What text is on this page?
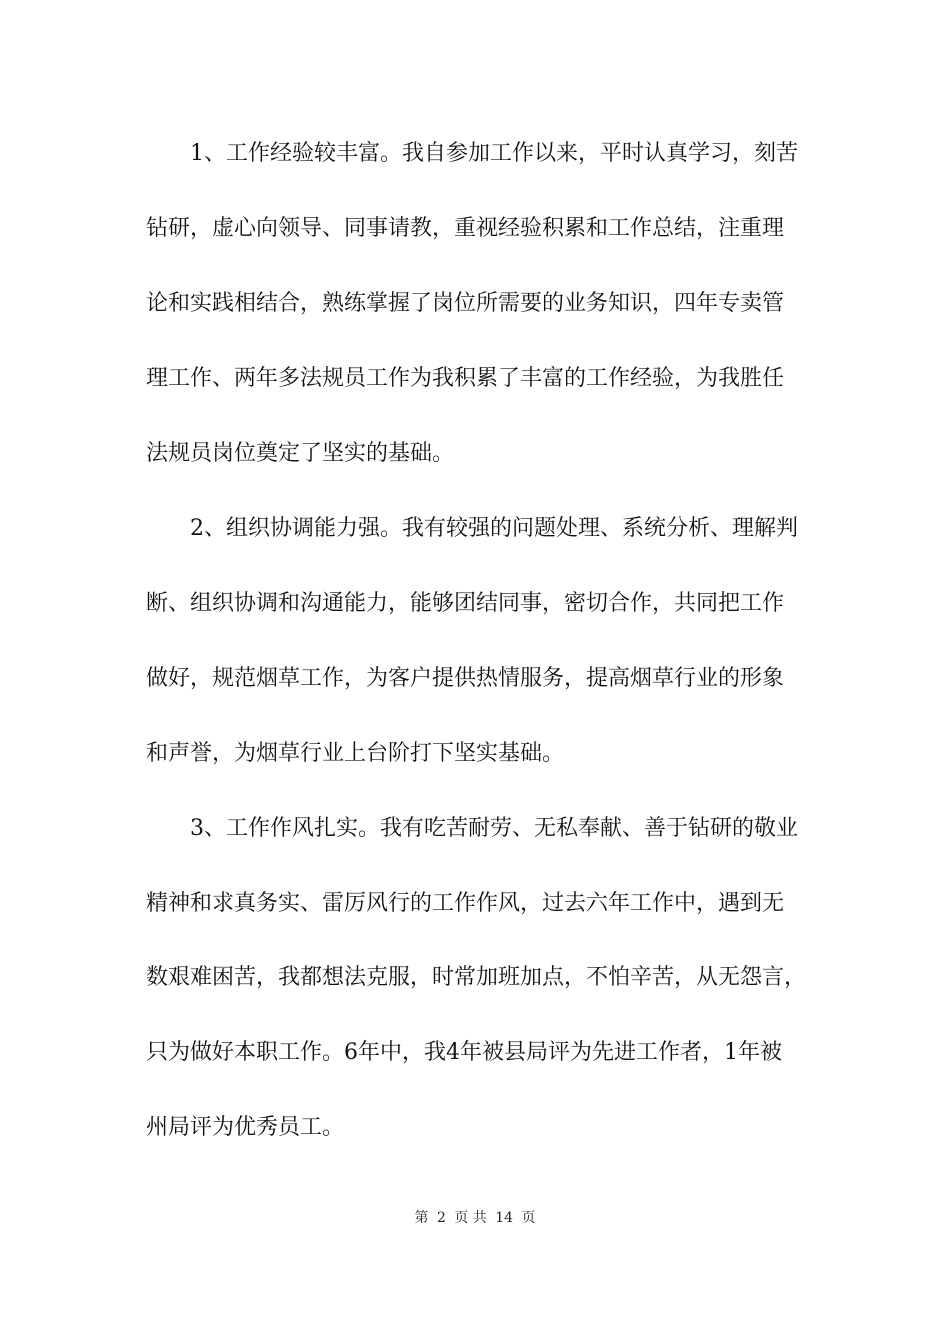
1、工作经验较丰富。我自参加工作以来，平时认真学习，刻苦

钻研，虚心向领导、同事请教，重视经验积累和工作总结，注重理

论和实践相结合，熟练掌握了岗位所需要的业务知识，四年专卖管

理工作、两年多法规员工作为我积累了丰富的工作经验，为我胜任

法规员岗位奠定了坚实的基础。

2、组织协调能力强。我有较强的问题处理、系统分析、理解判

断、组织协调和沟通能力，能够团结同事，密切合作，共同把工作

做好，规范烟草工作，为客户提供热情服务，提高烟草行业的形象

和声誉，为烟草行业上台阶打下坚实基础。

3、工作作风扎实。我有吃苦耐劳、无私奉献、善于钻研的敬业

精神和求真务实、雷厉风行的工作作风，过去六年工作中，遇到无

数艰难困苦，我都想法克服，时常加班加点，不怕辛苦，从无怨言，

只为做好本职工作。6年中，我4年被县局评为先进工作者，1年被

州局评为优秀员工。

第 2 页 共 14 页
